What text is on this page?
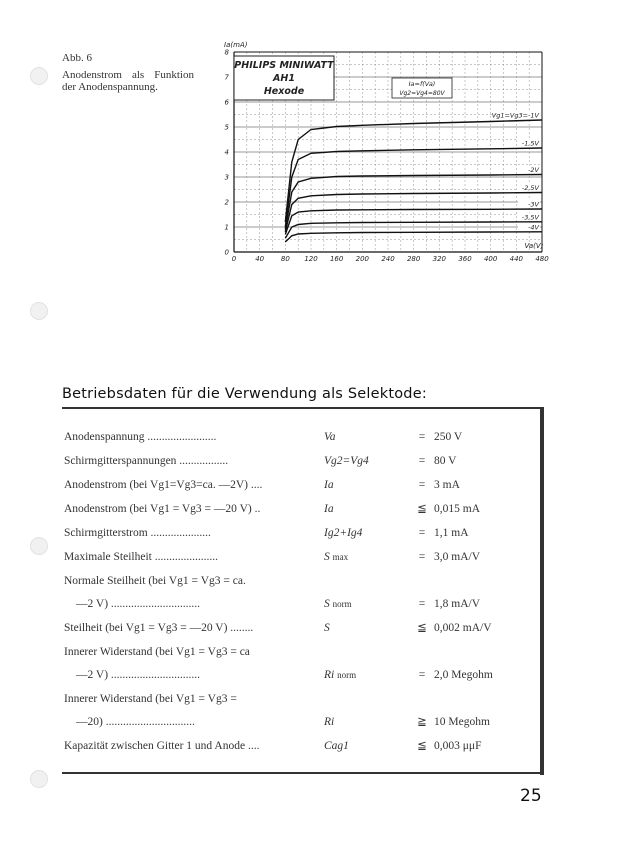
Abb. 6
Anodenstrom als Funktion der Anodenspannung.
0	40 80 120 160 200 240 280 320 360 400 440 480
0
1
2
3
4
5
6
7
8
Vg1=Vg3=-1V
-1,5V
-2V
-2,5V
-3V
-3,5V
-4V
PHILIPS MINIWATT
AH1
Hexode
Ia=f(Va)
Vg2=Vg4=80V
Ia(mA)
Va(V)
Betriebsdaten für die Verwendung als Selektode:
Anodenspannung ........................	Va	= 250 V
Schirmgitterspannungen .................	Vg2=Vg4	= 80 V
Anodenstrom (bei Vg1=Vg3=ca. —2V) ....	Ia	= 3 mA
Anodenstrom (bei Vg1 = Vg3 = —20 V) ..	Ia	≦ 0,015 mA
Schirmgitterstrom .....................	Ig2+Ig4	= 1,1 mA
Maximale Steilheit ......................	S max	= 3,0 mA/V
Normale Steilheit (bei Vg1 = Vg3 = ca.
—2 V) ...............................	S norm	= 1,8 mA/V
Steilheit (bei Vg1 = Vg3 = —20 V) ........	S	≦ 0,002 mA/V
Innerer Widerstand (bei Vg1 = Vg3 = ca
—2 V) ...............................	Ri norm	= 2,0 Megohm
Innerer Widerstand (bei Vg1 = Vg3 =
—20) ...............................	Ri	≧ 10 Megohm
Kapazität zwischen Gitter 1 und Anode ....	Cag1	≦ 0,003 μμF
25
